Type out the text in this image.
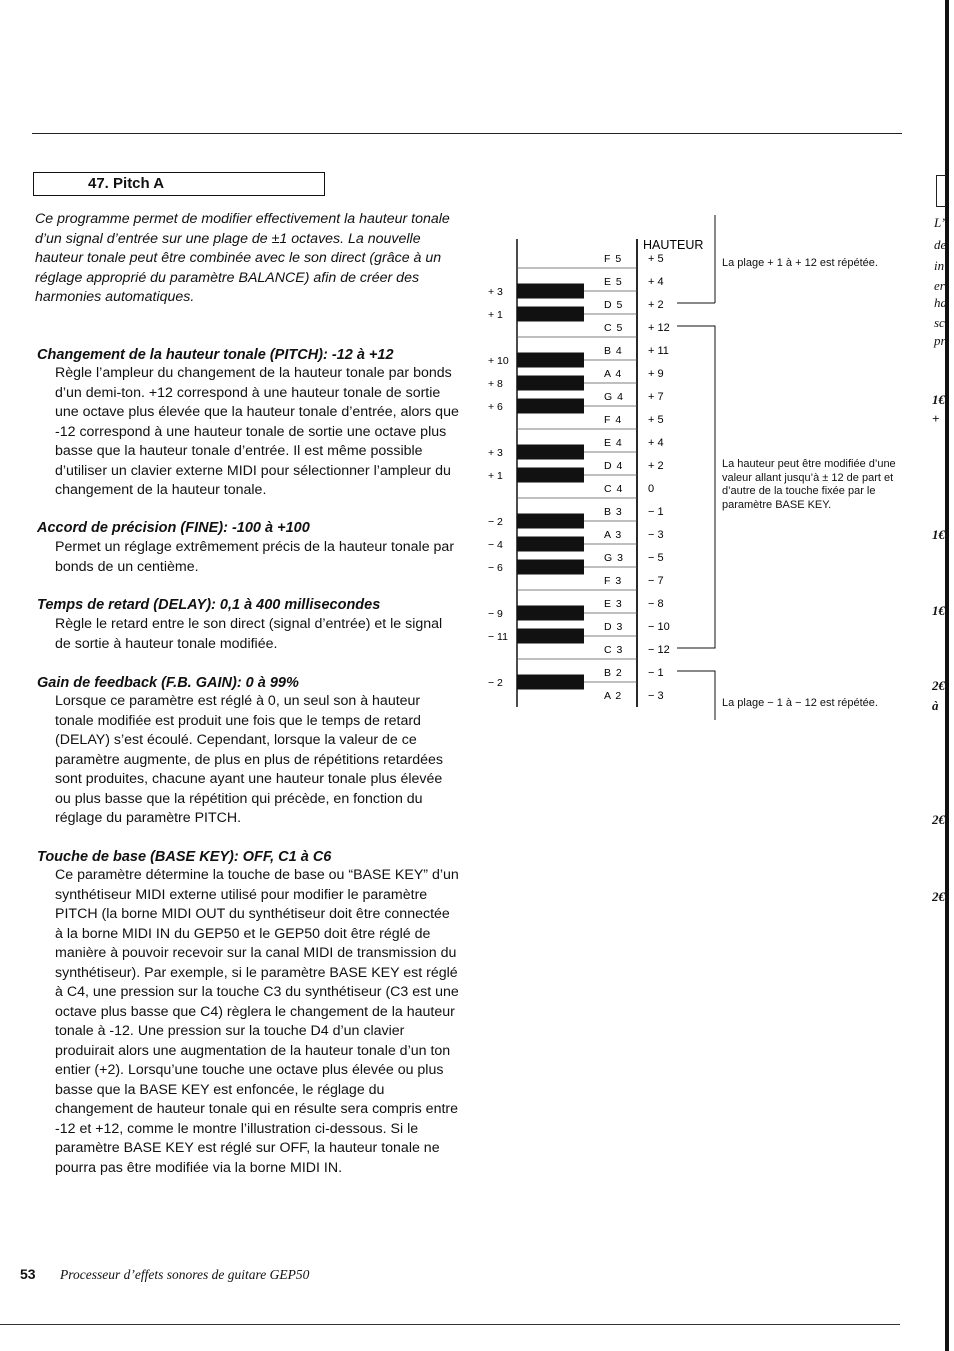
47. Pitch A
Ce programme permet de modifier effectivement la hauteur tonale d’un signal d’entrée sur une plage de ±1 octaves. La nouvelle hauteur tonale peut être combinée avec le son direct (grâce à un réglage approprié du paramètre BALANCE) afin de créer des harmonies automatiques.
Changement de la hauteur tonale (PITCH): -12 à +12
Règle l’ampleur du changement de la hauteur tonale par bonds d’un demi-ton. +12 correspond à une hauteur tonale de sortie une octave plus élevée que la hauteur tonale d’entrée, alors que -12 correspond à une hauteur tonale de sortie une octave plus basse que la hauteur tonale d’entrée. Il est même possible d’utiliser un clavier externe MIDI pour sélectionner l’ampleur du changement de la hauteur tonale.
Accord de précision (FINE): -100 à +100
Permet un réglage extrêmement précis de la hauteur tonale par bonds de un centième.
Temps de retard (DELAY): 0,1 à 400 millisecondes
Règle le retard entre le son direct (signal d’entrée) et le signal de sortie à hauteur tonale modifiée.
Gain de feedback (F.B. GAIN): 0 à 99%
Lorsque ce paramètre est réglé à 0, un seul son à hauteur tonale modifiée est produit une fois que le temps de retard (DELAY) s’est écoulé. Cependant, lorsque la valeur de ce paramètre augmente, de plus en plus de répétitions retardées sont produites, chacune ayant une hauteur tonale plus élevée ou plus basse que la répétition qui précède, en fonction du réglage du paramètre PITCH.
Touche de base (BASE KEY): OFF, C1 à C6
Ce paramètre détermine la touche de base ou “BASE KEY” d’un synthétiseur MIDI externe utilisé pour modifier le paramètre PITCH (la borne MIDI OUT du synthétiseur doit être connectée à la borne MIDI IN du GEP50 et le GEP50 doit être réglé de manière à pouvoir recevoir sur la canal MIDI de transmission du synthétiseur). Par exemple, si le paramètre BASE KEY est réglé à C4, une pression sur la touche C3 du synthétiseur (C3 est une octave plus basse que C4) règlera le changement de la hauteur tonale à -12. Une pression sur la touche D4 d’un clavier produirait alors une augmentation de la hauteur tonale d’un ton entier (+2). Lorsqu’une touche une octave plus élevée ou plus basse que la BASE KEY est enfoncée, le réglage du changement de hauteur tonale qui en résulte sera compris entre -12 et +12, comme le montre l’illustration ci-dessous. Si le paramètre BASE KEY est réglé sur OFF, la hauteur tonale ne pourra pas être modifiée via la borne MIDI IN.
HAUTEUR
F 5 + 5
E 5 + 4
D 5 + 2
C 5 + 12
B 4 + 11
A 4 + 9
G 4 + 7
F 4 + 5
E 4 + 4
D 4 + 2
C 4 0
B 3 − 1
A 3 − 3
G 3 − 5
F 3 − 7
E 3 − 8
D 3 − 10
C 3 − 12
B 2 − 1
A 2 − 3
+ 3
+ 1
+ 10
+ 8
+ 6
+ 3
+ 1
− 2
− 4
− 6
− 9
− 11
− 2
La plage + 1 à + 12 est répétée.
La hauteur peut être modifiée d’une valeur allant jusqu’à ± 12 de part et d’autre de la touche fixée par le paramètre BASE KEY.
La plage − 1 à − 12 est répétée.
L’
de
in
er
ha
sc
pr
1€
+
1€
1€
2€
à
2€
2€
53 Processeur d’effets sonores de guitare GEP50
